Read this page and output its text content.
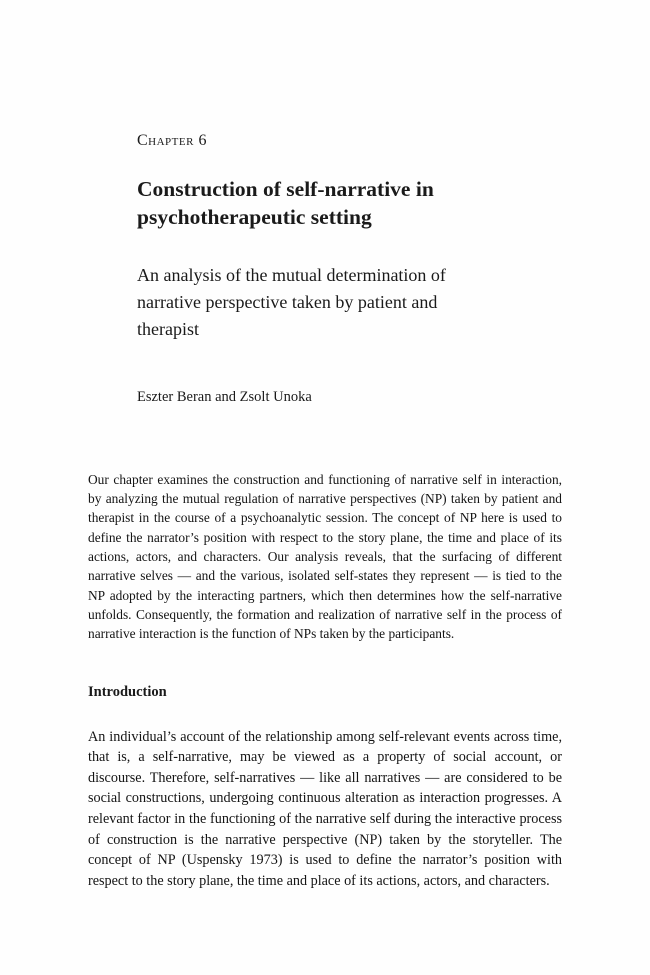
Chapter 6
Construction of self-narrative in psychotherapeutic setting
An analysis of the mutual determination of narrative perspective taken by patient and therapist
Eszter Beran and Zsolt Unoka

Our chapter examines the construction and functioning of narrative self in interaction, by analyzing the mutual regulation of narrative perspectives (NP) taken by patient and therapist in the course of a psychoanalytic session. The concept of NP here is used to define the narrator’s position with respect to the story plane, the time and place of its actions, actors, and characters. Our analysis reveals, that the surfacing of different narrative selves — and the various, isolated self-states they represent — is tied to the NP adopted by the interacting partners, which then determines how the self-narrative unfolds. Consequently, the formation and realization of narrative self in the process of narrative interaction is the function of NPs taken by the participants.

Introduction

An individual’s account of the relationship among self-relevant events across time, that is, a self-narrative, may be viewed as a property of social account, or discourse. Therefore, self-narratives — like all narratives — are considered to be social constructions, undergoing continuous alteration as interaction progresses. A relevant factor in the functioning of the narrative self during the interactive process of construction is the narrative perspective (NP) taken by the storyteller. The concept of NP (Uspensky 1973) is used to define the narrator’s position with respect to the story plane, the time and place of its actions, actors, and characters.
